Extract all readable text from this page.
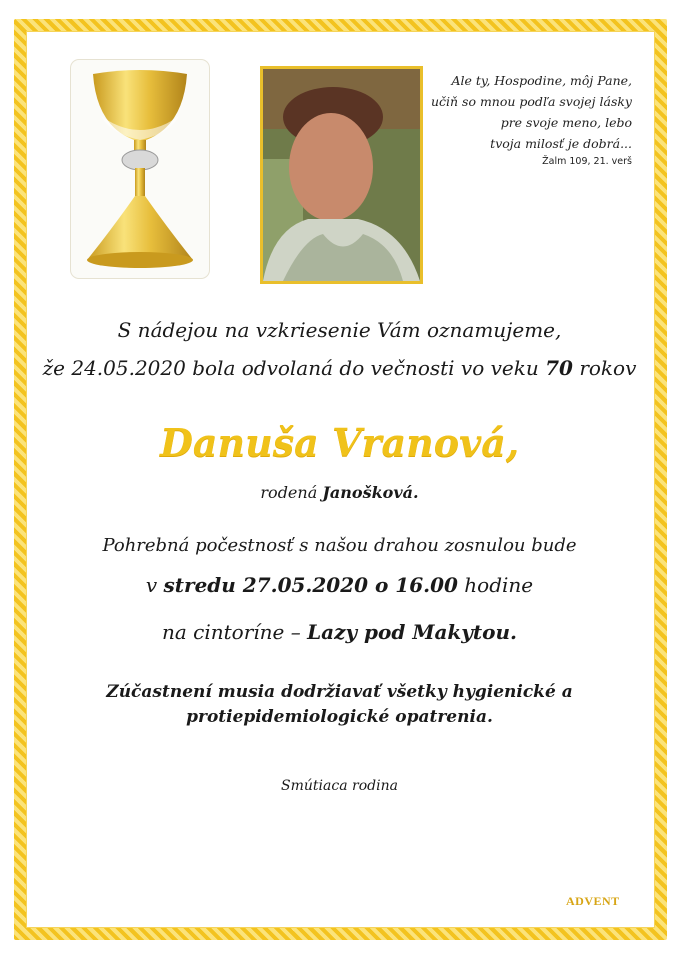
Ale ty, Hospodine, môj Pane,
učiň so mnou podľa svojej lásky
pre svoje meno, lebo
tvoja milosť je dobrá...
Žalm 109, 21. verš
S nádejou na vzkriesenie Vám oznamujeme,
že 24.05.2020 bola odvolaná do večnosti vo veku 70 rokov
Danuša Vranová,
rodená Janošková.
Pohrebná počestnosť s našou drahou zosnulou bude
v stredu 27.05.2020 o 16.00 hodine
na cintoríne – Lazy pod Makytou.
Zúčastnení musia dodržiavať všetky hygienické a
protiepidemiologické opatrenia.
Smútiaca rodina
ADVENT
